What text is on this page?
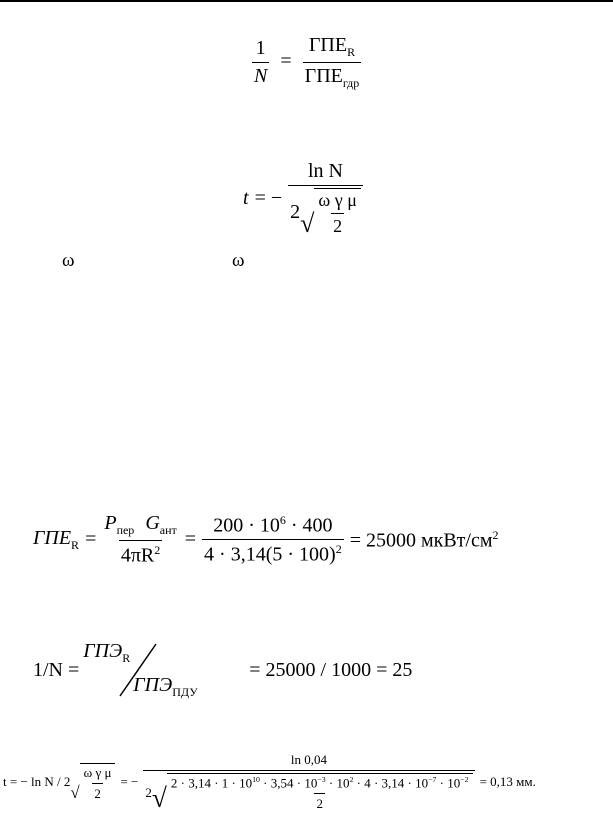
$\frac{1}{N} = \frac{ГПЕ_R}{ГПЕ_{гдр}}$
t = −
ln N
2 √ $\frac{\text{ω γ μ}}{2}$
ω	ω
$ГПЕ_R = \frac{P_{пер} G_{ант}}{4\pi R^2} = \frac{200 \cdot 10^6 \cdot 400}{4 \cdot 3,14(5 \cdot 100)^2} = 25000$ мкВт/$см^2$
1/N =
$ГПЭ_R$
$ГПЭ_{ПДУ}$
= 25000 / 1000 = 25
t = − ln N / 2
√ $\frac{\text{ω γ μ}}{2}$ = −
ln 0,04
2 √
$2 \cdot 3,14 \cdot 1 \cdot 10^{10} \cdot 3,54 \cdot 10^{-3} \cdot 10^2 \cdot 4 \cdot 3,14 \cdot 10^{-7} \cdot 10^{-2}$
2
= 0,13 мм.
